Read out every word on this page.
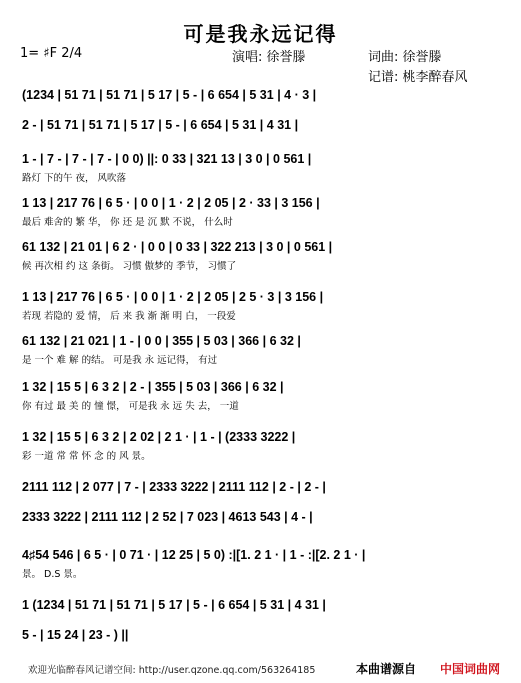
可是我永远记得
1= ♯F 2/4	演唱: 徐誉滕	词曲: 徐誉滕
记谱: 桃李醉春风
(1234 | 51 71 | 51 71 | 5 17 | 5 - | 6 654 | 5 31 | 4 · 3 |
2 - | 51 71 | 51 71 | 5 17 | 5 - | 6 654 | 5 31 | 4 31 |
1 - | 7 - | 7 - | 7 - | 0 0) ||: 0 33 | 321 13 | 3 0 | 0 561 |
路灯 下的午 夜， 风吹落
1 13 | 217 76 | 6 5 · | 0 0 | 1 · 2 | 2 05 | 2 · 33 | 3 156 |
最后 难舍的 繁 华， 你 还 是 沉 默 不说， 什么时
61 132 | 21 01 | 6 2 · | 0 0 | 0 33 | 322 213 | 3 0 | 0 561 |
候 再次相 约 这 条街。 习惯 傲梦的 季节， 习惯了
1 13 | 217 76 | 6 5 · | 0 0 | 1 · 2 | 2 05 | 2 5 · 3 | 3 156 |
若现 若隐的 爱 情， 后 来 我 渐 渐 明 白， 一段爱
61 132 | 21 021 | 1 - | 0 0 | 355 | 5 03 | 366 | 6 32 |
是 一个 难 解 的结。 可是我 永 远记得， 有过
1 32 | 15 5 | 6 3 2 | 2 - | 355 | 5 03 | 366 | 6 32 |
你 有过 最 美 的 憧 憬， 可是我 永 远 失 去， 一道
1 32 | 15 5 | 6 3 2 | 2 02 | 2 1 · | 1 - | (2333 3222 |
彩 一道 常 常 怀 念 的 风 景。
2111 112 | 2 077 | 7 - | 2333 3222 | 2111 112 | 2 - | 2 - |
2333 3222 | 2111 112 | 2 52 | 7 023 | 4613 543 | 4 - |
4♯54 546 | 6 5 · | 0 71 · | 12 25 | 5 0) :|[1. 2 1 · | 1 - :|[2. 2 1 · |
景。 D.S 景。
1 (1234 | 51 71 | 51 71 | 5 17 | 5 - | 6 654 | 5 31 | 4 31 |
5 - | 15 24 | 23 - ) ||
欢迎光临醉春风记谱空间: http://user.qzone.qq.com/563264185	本曲谱源自 中国词曲网
